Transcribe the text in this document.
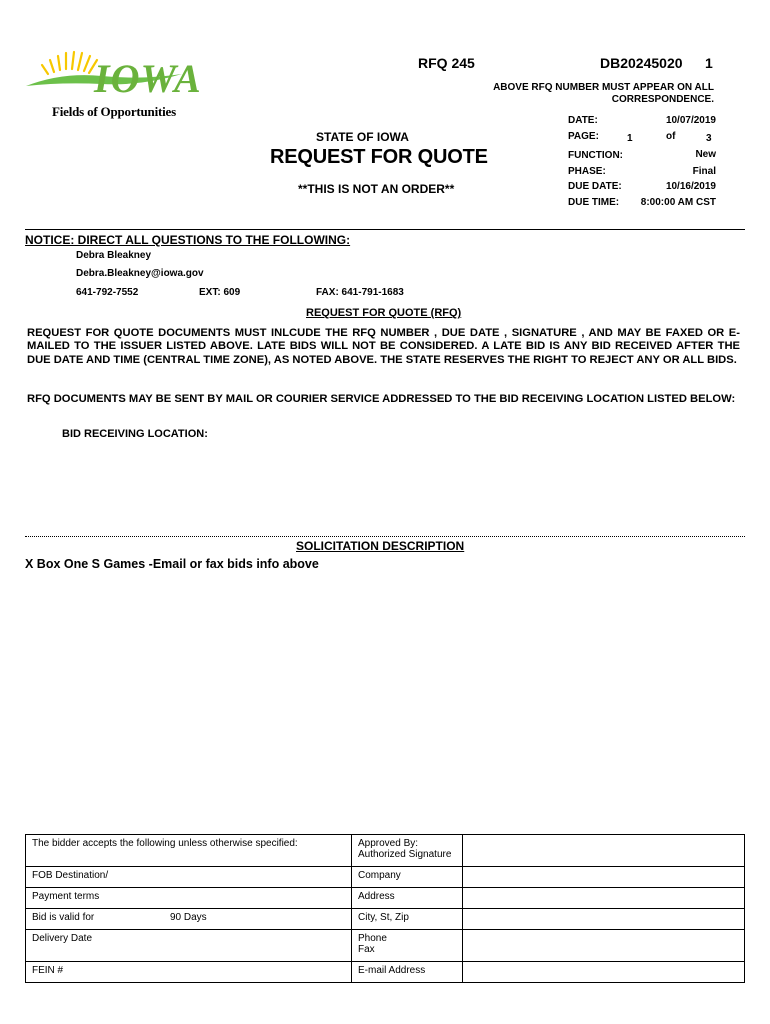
IOWA
Fields of Opportunities
RFQ 245	DB20245020 1
ABOVE RFQ NUMBER MUST APPEAR ON ALL
CORRESPONDENCE.
STATE OF IOWA
REQUEST FOR QUOTE
**THIS IS NOT AN ORDER**
DATE:	10/07/2019
PAGE:	1	of	3
FUNCTION:	New
PHASE:	Final
DUE DATE:	10/16/2019
DUE TIME: 8:00:00 AM CST
NOTICE: DIRECT ALL QUESTIONS TO THE FOLLOWING:
Debra Bleakney
Debra.Bleakney@iowa.gov
641-792-7552	EXT: 609	FAX: 641-791-1683
REQUEST FOR QUOTE (RFQ)
REQUEST FOR QUOTE DOCUMENTS MUST INLCUDE THE RFQ NUMBER , DUE DATE , SIGNATURE , AND MAY BE FAXED OR E-MAILED TO THE ISSUER LISTED ABOVE. LATE BIDS WILL NOT BE CONSIDERED. A LATE BID IS ANY BID RECEIVED AFTER THE DUE DATE AND TIME (CENTRAL TIME ZONE), AS NOTED ABOVE. THE STATE RESERVES THE RIGHT TO REJECT ANY OR ALL BIDS.
RFQ DOCUMENTS MAY BE SENT BY MAIL OR COURIER SERVICE ADDRESSED TO THE BID RECEIVING LOCATION LISTED BELOW:
BID RECEIVING LOCATION:
SOLICITATION DESCRIPTION
X Box One S Games -Email or fax bids info above
The bidder accepts the following unless otherwise specified:	Approved By:
Authorized Signature	

FOB Destination/	Company	
Payment terms	Address	

Bid is valid for 90 Days	City, St, Zip	
Delivery Date	Phone
Fax	

FEIN #	E-mail Address	
